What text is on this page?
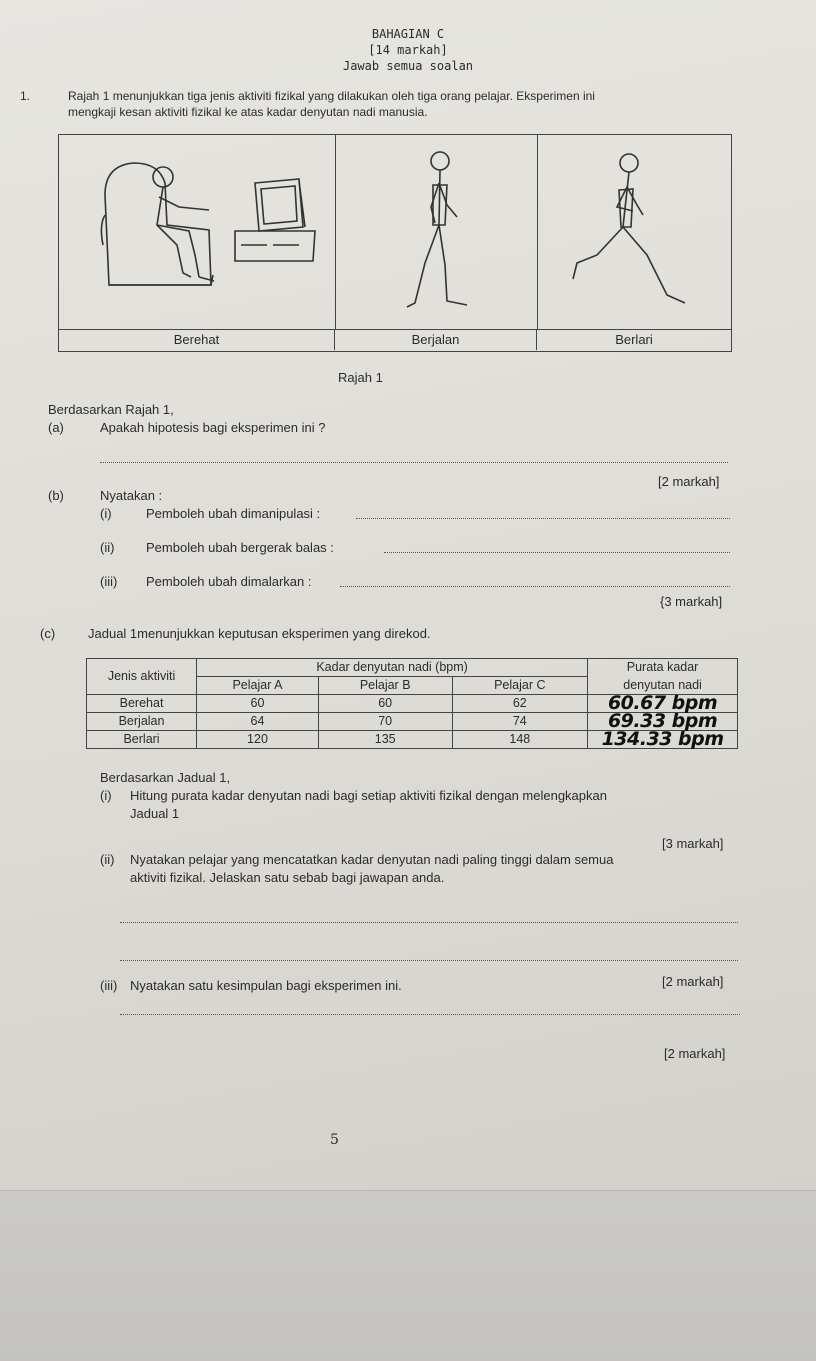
BAHAGIAN C
[14 markah]
Jawab semua soalan
1.	Rajah 1 menunjukkan tiga jenis aktiviti fizikal yang dilakukan oleh tiga orang pelajar. Eksperimen ini
mengkaji kesan aktiviti fizikal ke atas kadar denyutan nadi manusia.
Berehat	Berjalan	Berlari
Rajah 1
Berdasarkan Rajah 1,
(a)	Apakah hipotesis bagi eksperimen ini ?
[2 markah]
(b)	Nyatakan :
(i)	Pemboleh ubah dimanipulasi :
(ii) Pemboleh ubah bergerak balas :
(iii) Pemboleh ubah dimalarkan :
{3 markah]
(c)	Jadual 1menunjukkan keputusan eksperimen yang direkod.
Jenis aktiviti	Kadar denyutan nadi (bpm)			Purata kadar
	Pelajar A	Pelajar B	Pelajar C	denyutan nadi
Berehat	60	60	62	60.67 bpm
Berjalan	64	70	74	69.33 bpm
Berlari	120	135	148	134.33 bpm
Berdasarkan Jadual 1,
(i) Hitung purata kadar denyutan nadi bagi setiap aktiviti fizikal dengan melengkapkan
Jadual 1
[3 markah]
(ii) Nyatakan pelajar yang mencatatkan kadar denyutan nadi paling tinggi dalam semua
aktiviti fizikal. Jelaskan satu sebab bagi jawapan anda.
[2 markah]
(iii) Nyatakan satu kesimpulan bagi eksperimen ini.
[2 markah]
5
